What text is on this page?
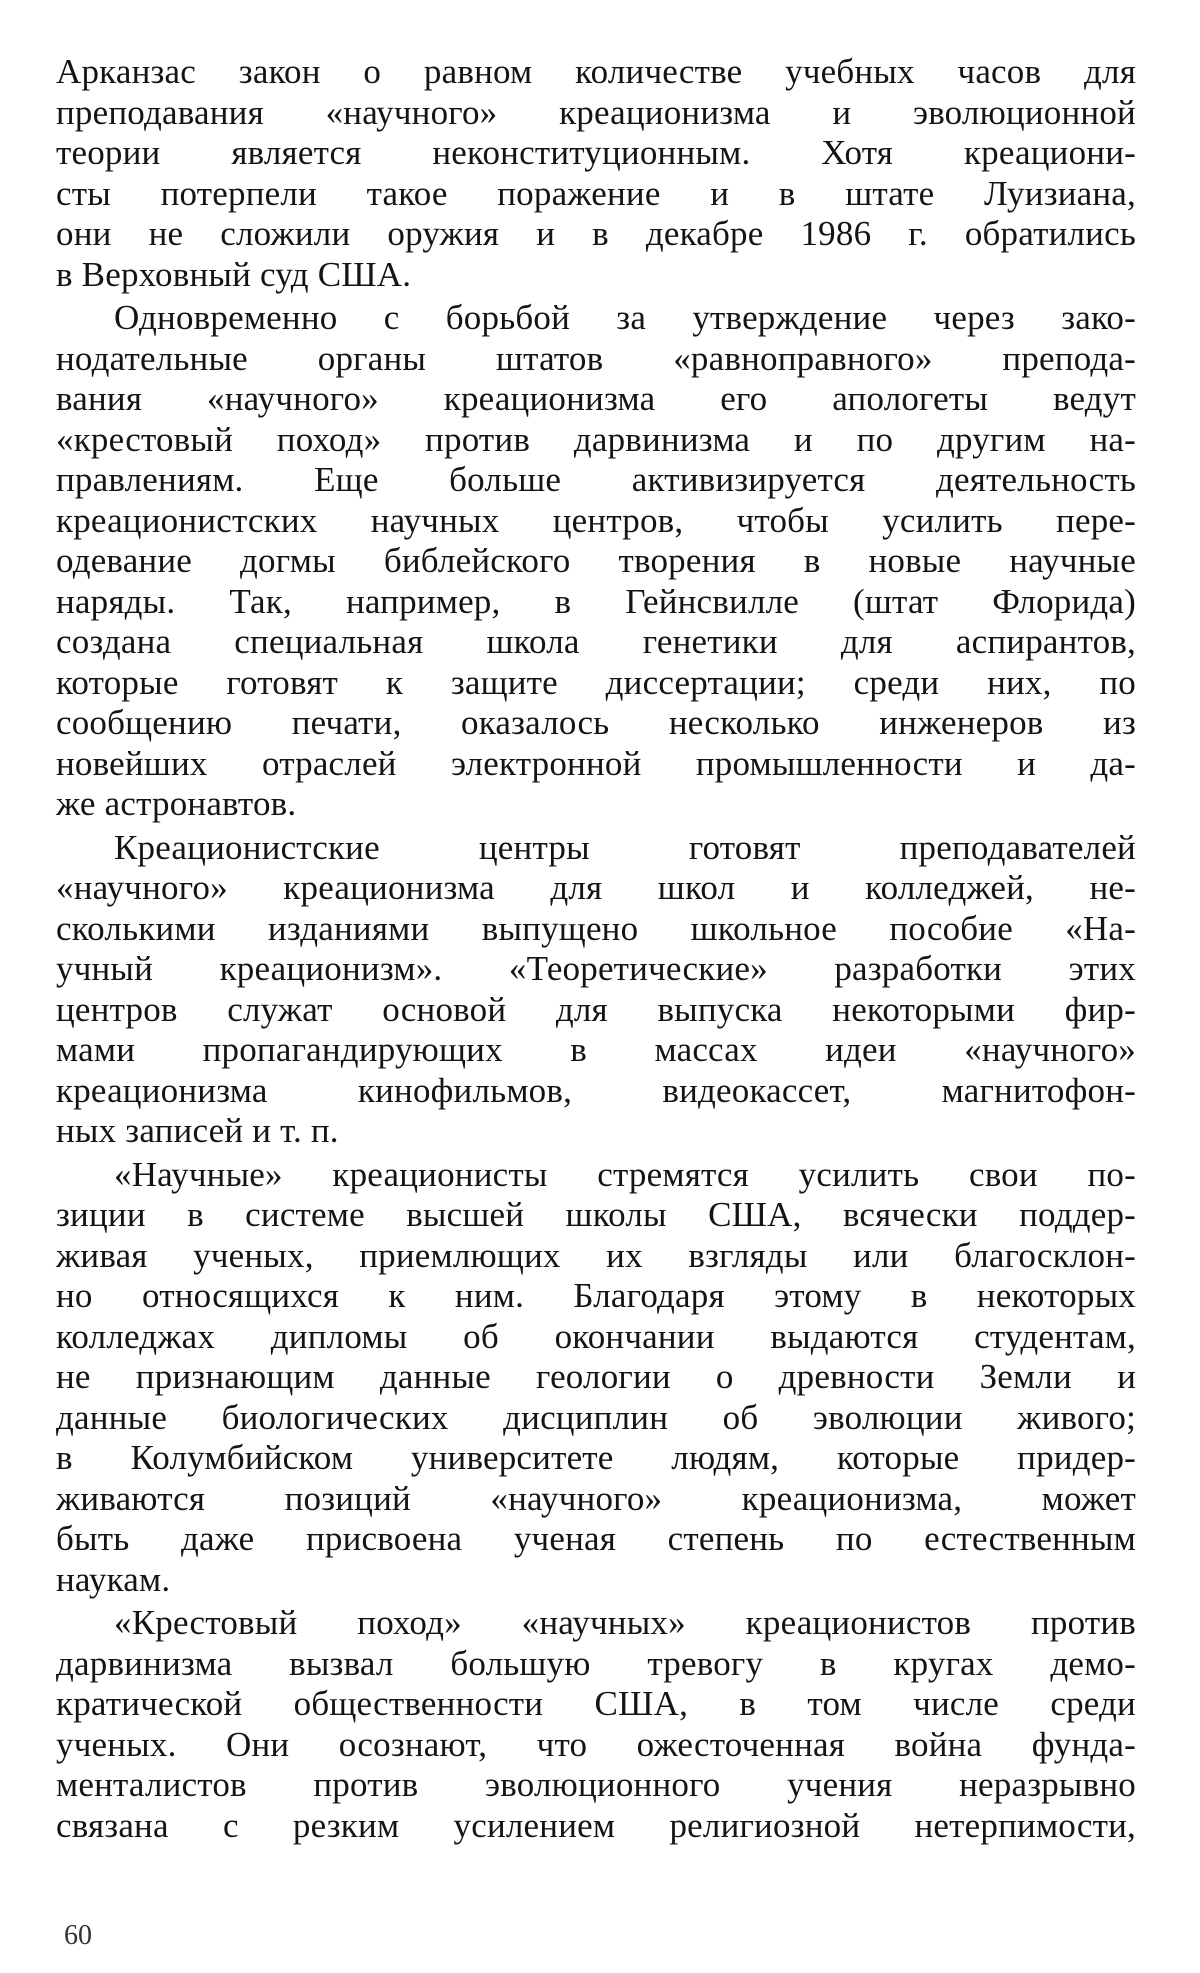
Арканзас закон о равном количестве учебных часов для
преподавания «научного» креационизма и эволюционной
теории является неконституционным. Хотя креациони-
сты потерпели такое поражение и в штате Луизиана,
они не сложили оружия и в декабре 1986 г. обратились
в Верховный суд США.
Одновременно с борьбой за утверждение через зако-
нодательные органы штатов «равноправного» препода-
вания «научного» креационизма его апологеты ведут
«крестовый поход» против дарвинизма и по другим на-
правлениям. Еще больше активизируется деятельность
креационистских научных центров, чтобы усилить пере-
одевание догмы библейского творения в новые научные
наряды. Так, например, в Гейнсвилле (штат Флорида)
создана специальная школа генетики для аспирантов,
которые готовят к защите диссертации; среди них, по
сообщению печати, оказалось несколько инженеров из
новейших отраслей электронной промышленности и да-
же астронавтов.
Креационистские центры готовят преподавателей
«научного» креационизма для школ и колледжей, не-
сколькими изданиями выпущено школьное пособие «На-
учный креационизм». «Теоретические» разработки этих
центров служат основой для выпуска некоторыми фир-
мами пропагандирующих в массах идеи «научного»
креационизма кинофильмов, видеокассет, магнитофон-
ных записей и т. п.
«Научные» креационисты стремятся усилить свои по-
зиции в системе высшей школы США, всячески поддер-
живая ученых, приемлющих их взгляды или благосклон-
но относящихся к ним. Благодаря этому в некоторых
колледжах дипломы об окончании выдаются студентам,
не признающим данные геологии о древности Земли и
данные биологических дисциплин об эволюции живого;
в Колумбийском университете людям, которые придер-
живаются позиций «научного» креационизма, может
быть даже присвоена ученая степень по естественным
наукам.
«Крестовый поход» «научных» креационистов против
дарвинизма вызвал большую тревогу в кругах демо-
кратической общественности США, в том числе среди
ученых. Они осознают, что ожесточенная война фунда-
менталистов против эволюционного учения неразрывно
связана с резким усилением религиозной нетерпимости,
60
